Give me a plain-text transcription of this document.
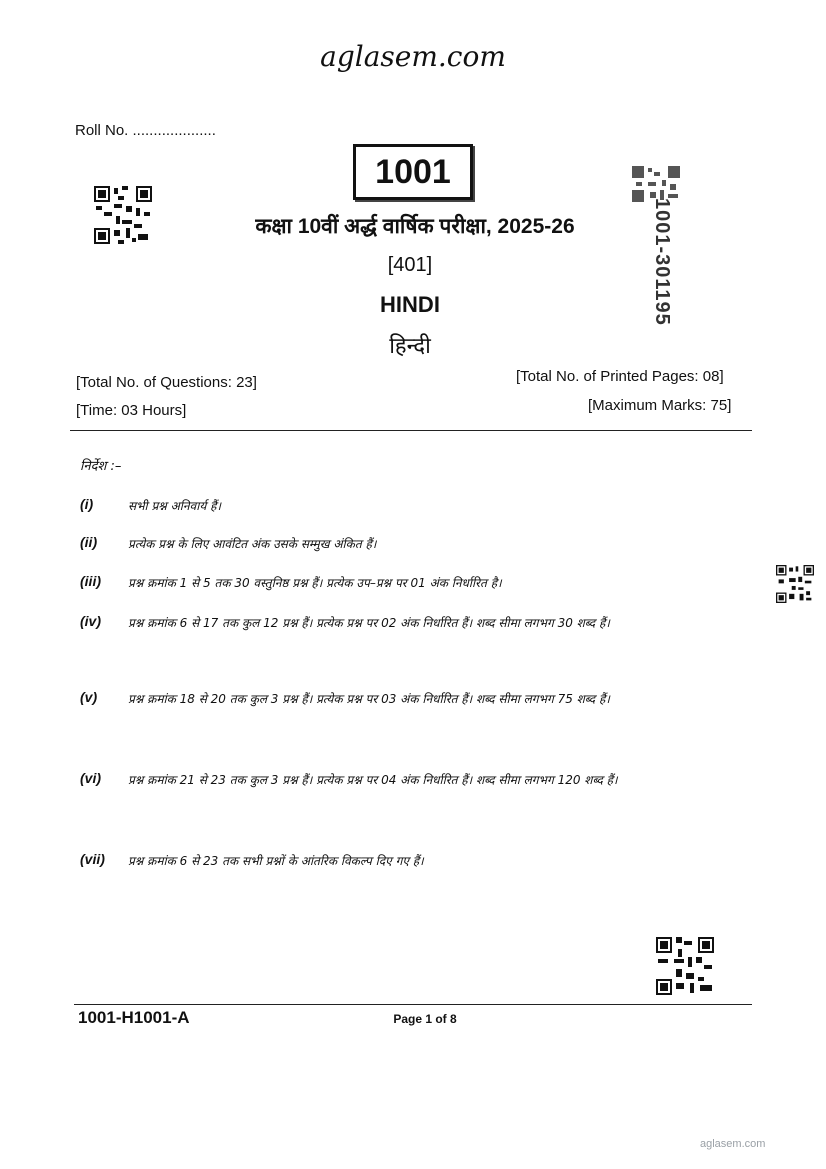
aglasem.com
Roll No. ....................
1001
कक्षा 10वीं अर्द्ध वार्षिक परीक्षा, 2025-26
[401]
HINDI
हिन्दी
1001-301195
[Total No. of Questions: 23]
[Time: 03 Hours]
[Total No. of Printed Pages: 08]
[Maximum Marks: 75]
निर्देश :–
(i)	सभी प्रश्न अनिवार्य हैं।
(ii)	प्रत्येक प्रश्न के लिए आवंटित अंक उसके सम्मुख अंकित हैं।
(iii) प्रश्न क्रमांक 1 से 5 तक 30 वस्तुनिष्ठ प्रश्न हैं। प्रत्येक उप–प्रश्न पर 01 अंक निर्धारित है।
(iv) प्रश्न क्रमांक 6 से 17 तक कुल 12 प्रश्न हैं। प्रत्येक प्रश्न पर 02 अंक निर्धारित हैं। शब्द सीमा लगभग 30 शब्द हैं।
(v)	प्रश्न क्रमांक 18 से 20 तक कुल 3 प्रश्न हैं। प्रत्येक प्रश्न पर 03 अंक निर्धारित हैं। शब्द सीमा लगभग 75 शब्द हैं।
(vi) प्रश्न क्रमांक 21 से 23 तक कुल 3 प्रश्न हैं। प्रत्येक प्रश्न पर 04 अंक निर्धारित हैं। शब्द सीमा लगभग 120 शब्द हैं।
(vii) प्रश्न क्रमांक 6 से 23 तक सभी प्रश्नों के आंतरिक विकल्प दिए गए हैं।
1001-H1001-A	Page 1 of 8
aglasem.com
